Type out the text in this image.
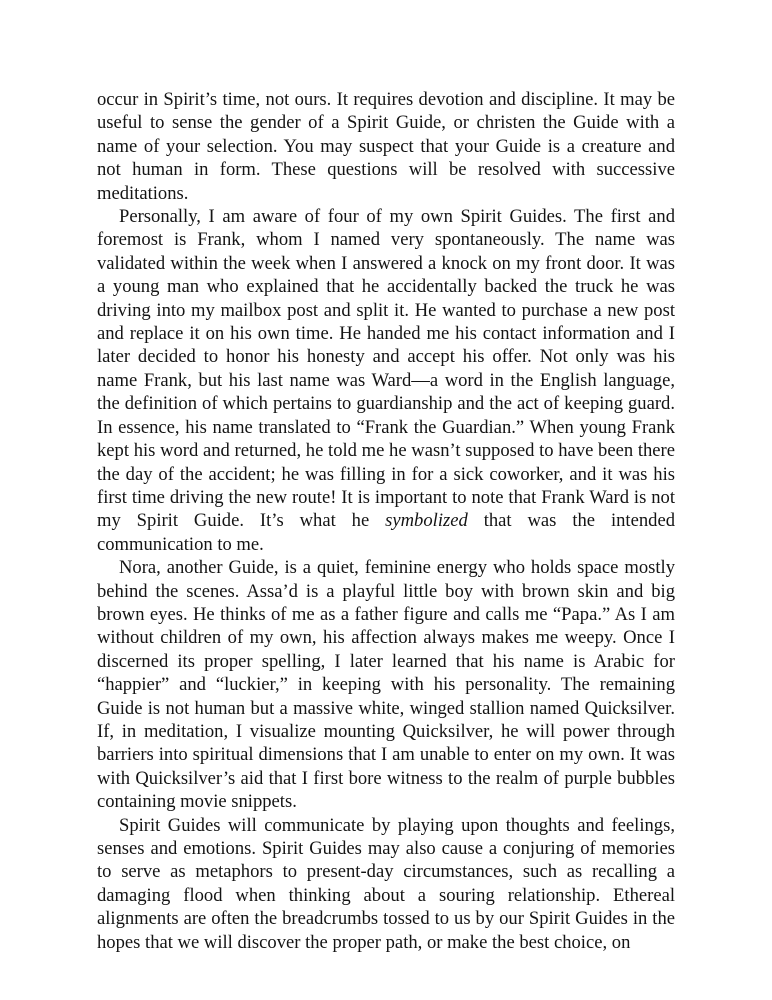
occur in Spirit’s time, not ours. It requires devotion and discipline. It may be useful to sense the gender of a Spirit Guide, or christen the Guide with a name of your selection. You may suspect that your Guide is a creature and not human in form. These questions will be resolved with successive meditations.

Personally, I am aware of four of my own Spirit Guides. The first and foremost is Frank, whom I named very spontaneously. The name was validated within the week when I answered a knock on my front door. It was a young man who explained that he accidentally backed the truck he was driving into my mailbox post and split it. He wanted to purchase a new post and replace it on his own time. He handed me his contact information and I later decided to honor his honesty and accept his offer. Not only was his name Frank, but his last name was Ward—a word in the English language, the definition of which pertains to guardianship and the act of keeping guard. In essence, his name translated to “Frank the Guardian.” When young Frank kept his word and returned, he told me he wasn’t supposed to have been there the day of the accident; he was filling in for a sick coworker, and it was his first time driving the new route! It is important to note that Frank Ward is not my Spirit Guide. It’s what he symbolized that was the intended communication to me.

Nora, another Guide, is a quiet, feminine energy who holds space mostly behind the scenes. Assa’d is a playful little boy with brown skin and big brown eyes. He thinks of me as a father figure and calls me “Papa.” As I am without children of my own, his affection always makes me weepy. Once I discerned its proper spelling, I later learned that his name is Arabic for “happier” and “luckier,” in keeping with his personality. The remaining Guide is not human but a massive white, winged stallion named Quicksilver. If, in meditation, I visualize mounting Quicksilver, he will power through barriers into spiritual dimensions that I am unable to enter on my own. It was with Quicksilver’s aid that I first bore witness to the realm of purple bubbles containing movie snippets.

Spirit Guides will communicate by playing upon thoughts and feelings, senses and emotions. Spirit Guides may also cause a conjuring of memories to serve as metaphors to present-day circumstances, such as recalling a damaging flood when thinking about a souring relationship. Ethereal alignments are often the breadcrumbs tossed to us by our Spirit Guides in the hopes that we will discover the proper path, or make the best choice, on
